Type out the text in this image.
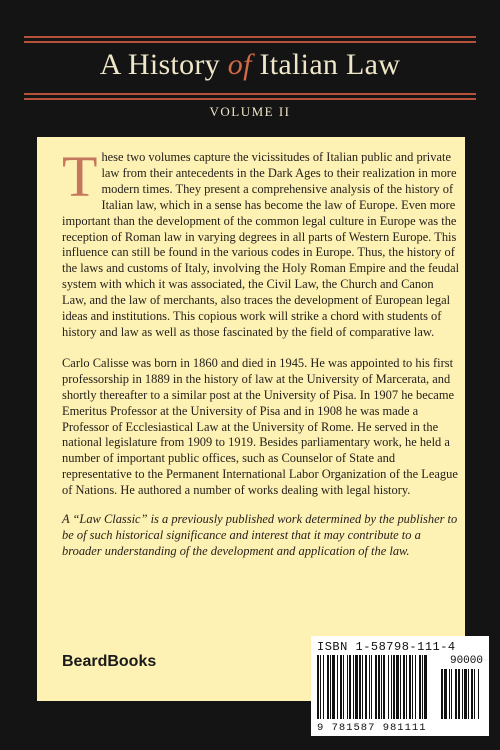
A History of Italian Law
VOLUME II

These two volumes capture the vicissitudes of Italian public and private law from their antecedents in the Dark Ages to their realization in more modern times. They present a comprehensive analysis of the history of Italian law, which in a sense has become the law of Europe. Even more important than the development of the common legal culture in Europe was the reception of Roman law in varying degrees in all parts of Western Europe. This influence can still be found in the various codes in Europe. Thus, the history of the laws and customs of Italy, involving the Holy Roman Empire and the feudal system with which it was associated, the Civil Law, the Church and Canon Law, and the law of merchants, also traces the development of European legal ideas and institutions. This copious work will strike a chord with students of history and law as well as those fascinated by the field of comparative law.

Carlo Calisse was born in 1860 and died in 1945. He was appointed to his first professorship in 1889 in the history of law at the University of Marcerata, and shortly thereafter to a similar post at the University of Pisa. In 1907 he became Emeritus Professor at the University of Pisa and in 1908 he was made a Professor of Ecclesiastical Law at the University of Rome. He served in the national legislature from 1909 to 1919. Besides parliamentary work, he held a number of important public offices, such as Counselor of State and representative to the Permanent International Labor Organization of the League of Nations. He authored a number of works dealing with legal history.

A “Law Classic” is a previously published work determined by the publisher to be of such historical significance and interest that it may contribute to a broader understanding of the development and application of the law.

BeardBooks
ISBN 1-58798-111-4
90000
9 781587 981111
